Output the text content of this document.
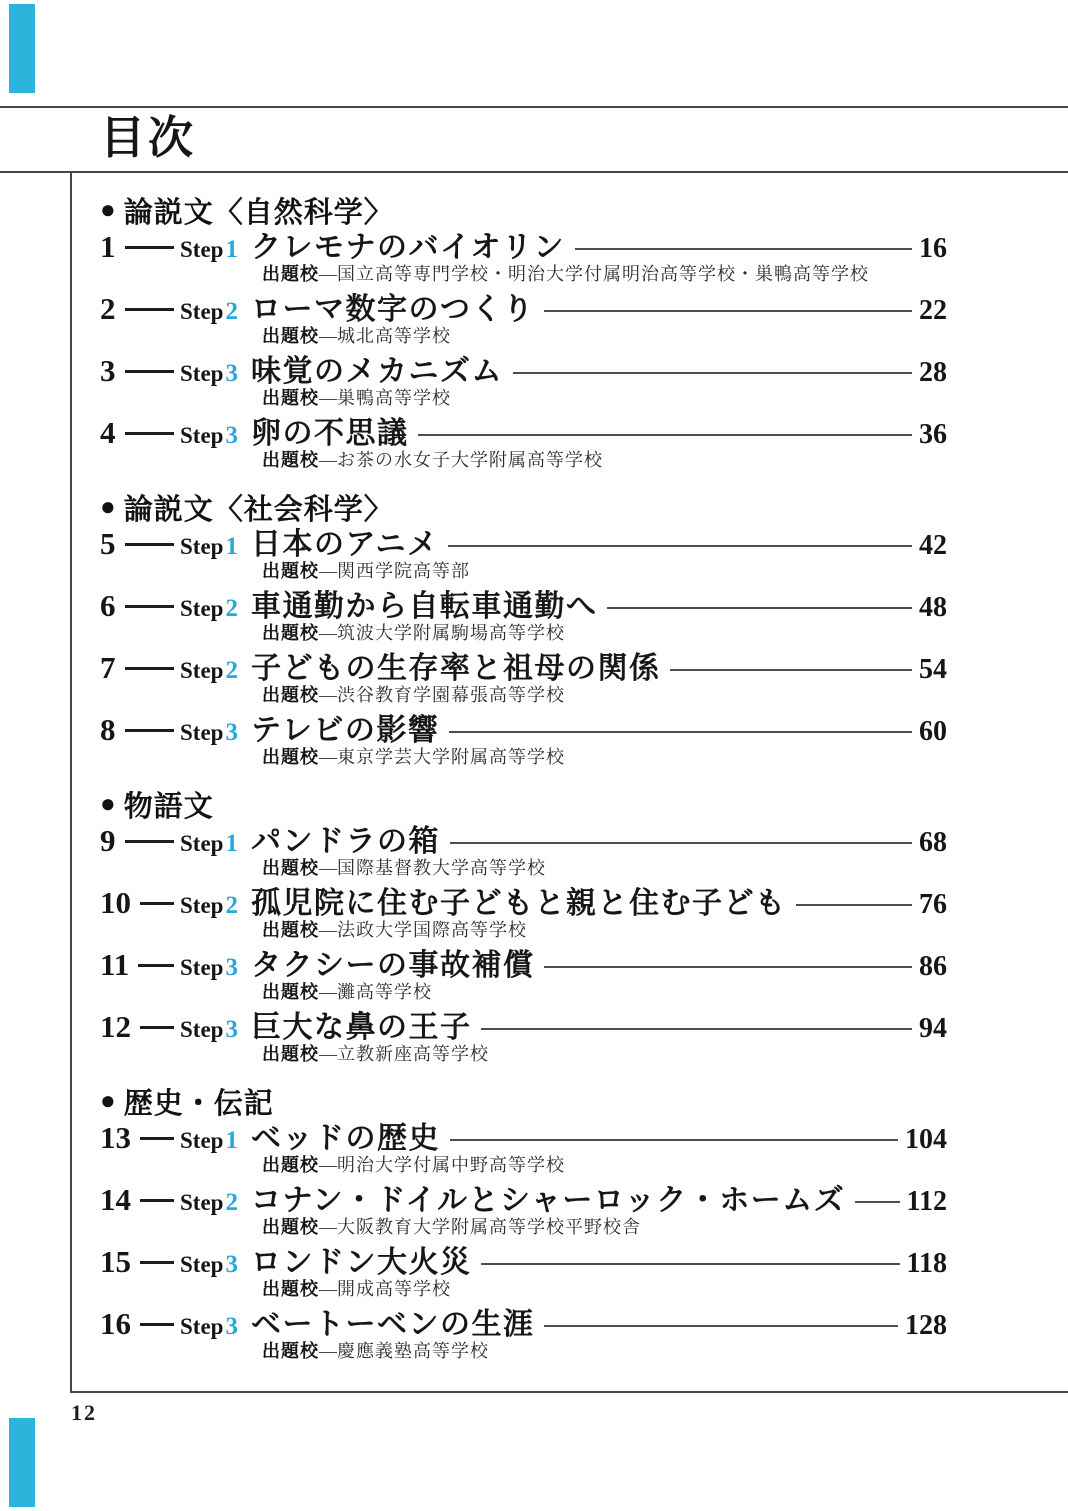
目次
● 論説文〈自然科学〉
1	Step1 クレモナのバイオリン	16
出題校―国立高等専門学校・明治大学付属明治高等学校・巣鴨高等学校
2	Step2 ローマ数字のつくり	22
出題校―城北高等学校
3	Step3 味覚のメカニズム	28
出題校―巣鴨高等学校
4	Step3 卵の不思議	36
出題校―お茶の水女子大学附属高等学校
● 論説文〈社会科学〉
5	Step1 日本のアニメ	42
出題校―関西学院高等部
6	Step2 車通勤から自転車通勤へ	48
出題校―筑波大学附属駒場高等学校
7	Step2 子どもの生存率と祖母の関係	54
出題校―渋谷教育学園幕張高等学校
8	Step3 テレビの影響	60
出題校―東京学芸大学附属高等学校
● 物語文
9	Step1 パンドラの箱	68
出題校―国際基督教大学高等学校
10 Step2 孤児院に住む子どもと親と住む子ども	76
出題校―法政大学国際高等学校
11 Step3 タクシーの事故補償	86
出題校―灘高等学校
12 Step3 巨大な鼻の王子	94
出題校―立教新座高等学校
● 歴史・伝記
13 Step1 ベッドの歴史	104
出題校―明治大学付属中野高等学校
14 Step2 コナン・ドイルとシャーロック・ホームズ 112
出題校―大阪教育大学附属高等学校平野校舎
15 Step3 ロンドン大火災	118
出題校―開成高等学校
16 Step3 ベートーベンの生涯	128
出題校―慶應義塾高等学校
12
